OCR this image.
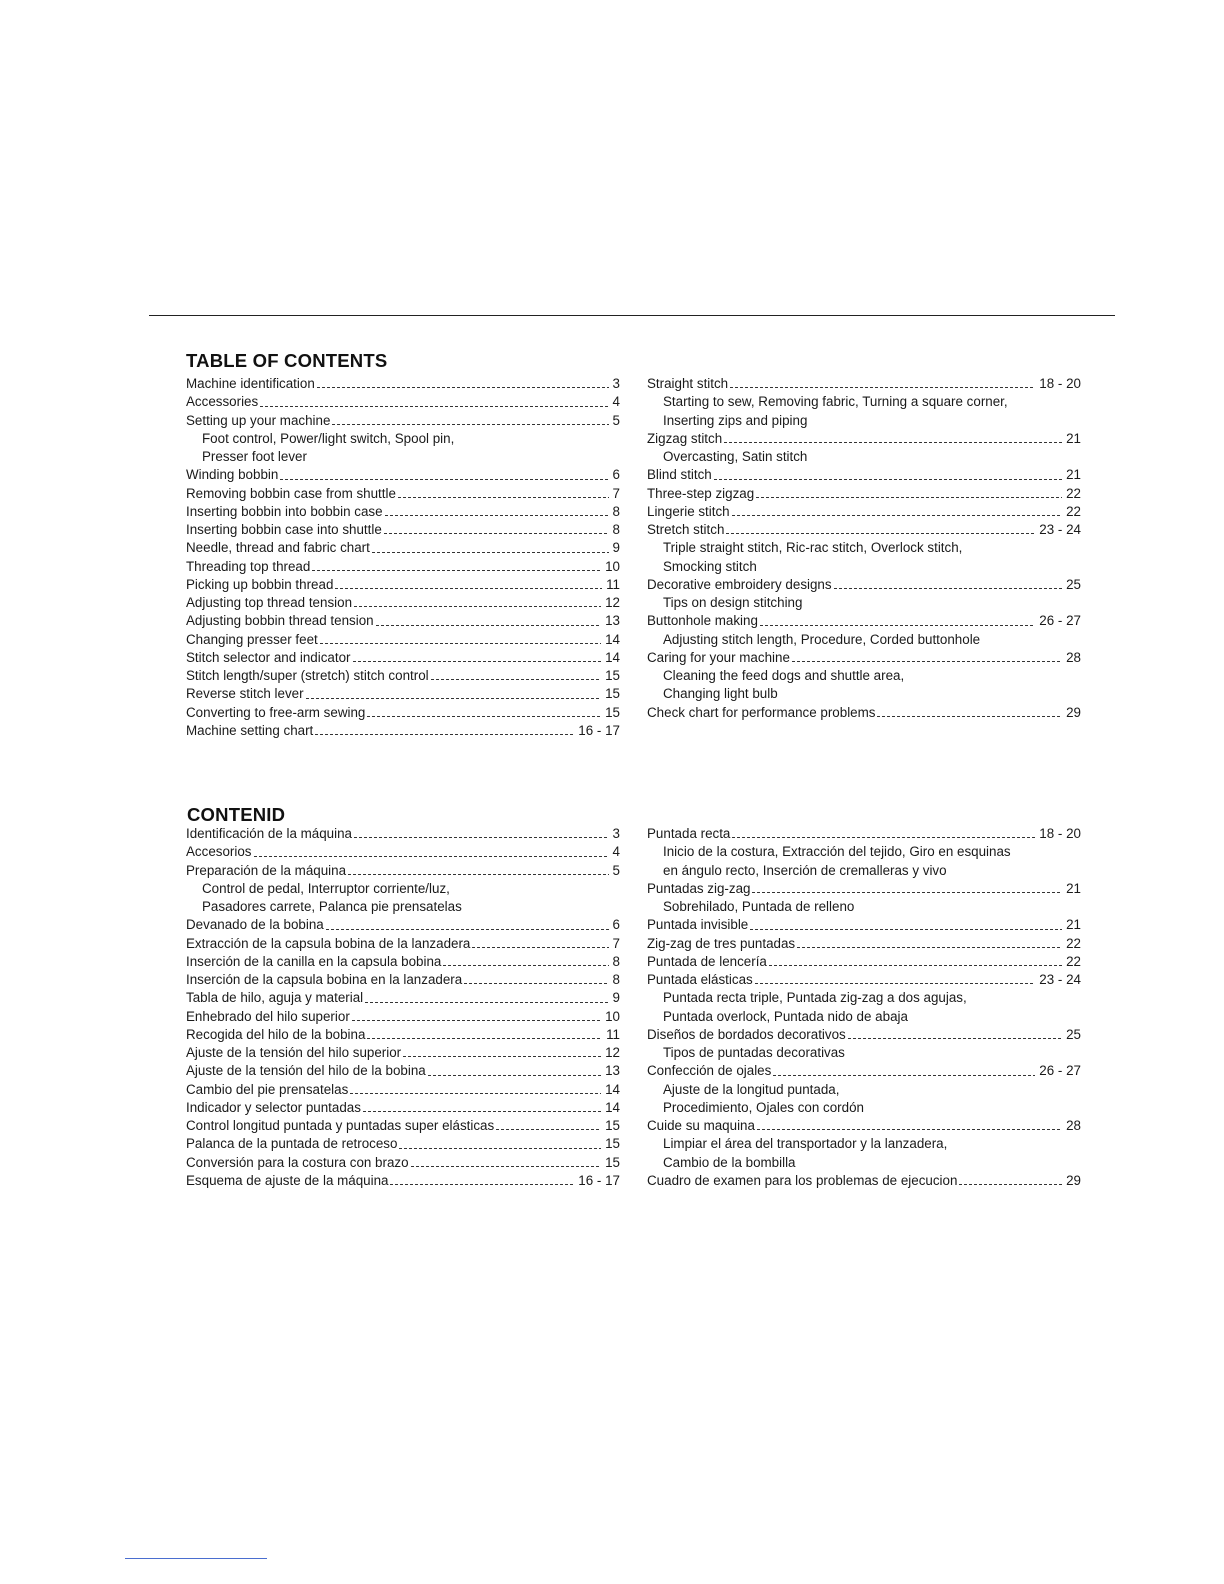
TABLE OF CONTENTS
Machine identification	3
Accessories	4
Setting up your machine	5
Foot control, Power/light switch, Spool pin,
Presser foot lever
Winding bobbin	6
Removing bobbin case from shuttle	7
Inserting bobbin into bobbin case	8
Inserting bobbin case into shuttle	8
Needle, thread and fabric chart	9
Threading top thread	10
Picking up bobbin thread	11
Adjusting top thread tension	12
Adjusting bobbin thread tension	13
Changing presser feet	14
Stitch selector and indicator	14
Stitch length/super (stretch) stitch control	15
Reverse stitch lever	15
Converting to free-arm sewing	15
Machine setting chart	16 - 17
Straight stitch	18 - 20
Starting to sew, Removing fabric, Turning a square corner,
Inserting zips and piping
Zigzag stitch	21
Overcasting, Satin stitch
Blind stitch	21
Three-step zigzag	22
Lingerie stitch	22
Stretch stitch	23 - 24
Triple straight stitch, Ric-rac stitch, Overlock stitch,
Smocking stitch
Decorative embroidery designs	25
Tips on design stitching
Buttonhole making	26 - 27
Adjusting stitch length, Procedure, Corded buttonhole
Caring for your machine	28
Cleaning the feed dogs and shuttle area,
Changing light bulb
Check chart for performance problems	29
CONTENID
Identificación de la máquina	3
Accesorios	4
Preparación de la máquina	5
Control de pedal, Interruptor corriente/luz,
Pasadores carrete, Palanca pie prensatelas
Devanado de la bobina	6
Extracción de la capsula bobina de la lanzadera	7
Inserción de la canilla en la capsula bobina	8
Inserción de la capsula bobina en la lanzadera	8
Tabla de hilo, aguja y material	9
Enhebrado del hilo superior	10
Recogida del hilo de la bobina	11
Ajuste de la tensión del hilo superior	12
Ajuste de la tensión del hilo de la bobina	13
Cambio del pie prensatelas	14
Indicador y selector puntadas	14
Control longitud puntada y puntadas super elásticas	15
Palanca de la puntada de retroceso	15
Conversión para la costura con brazo	15
Esquema de ajuste de la máquina	16 - 17
Puntada recta	18 - 20
Inicio de la costura, Extracción del tejido, Giro en esquinas
en ángulo recto, Inserción de cremalleras y vivo
Puntadas zig-zag	21
Sobrehilado, Puntada de relleno
Puntada invisible	21
Zig-zag de tres puntadas	22
Puntada de lencería	22
Puntada elásticas	23 - 24
Puntada recta triple, Puntada zig-zag a dos agujas,
Puntada overlock, Puntada nido de abaja
Diseños de bordados decorativos	25
Tipos de puntadas decorativas
Confección de ojales	26 - 27
Ajuste de la longitud puntada,
Procedimiento, Ojales con cordón
Cuide su maquina	28
Limpiar el área del transportador y la lanzadera,
Cambio de la bombilla
Cuadro de examen para los problemas de ejecucion	29
